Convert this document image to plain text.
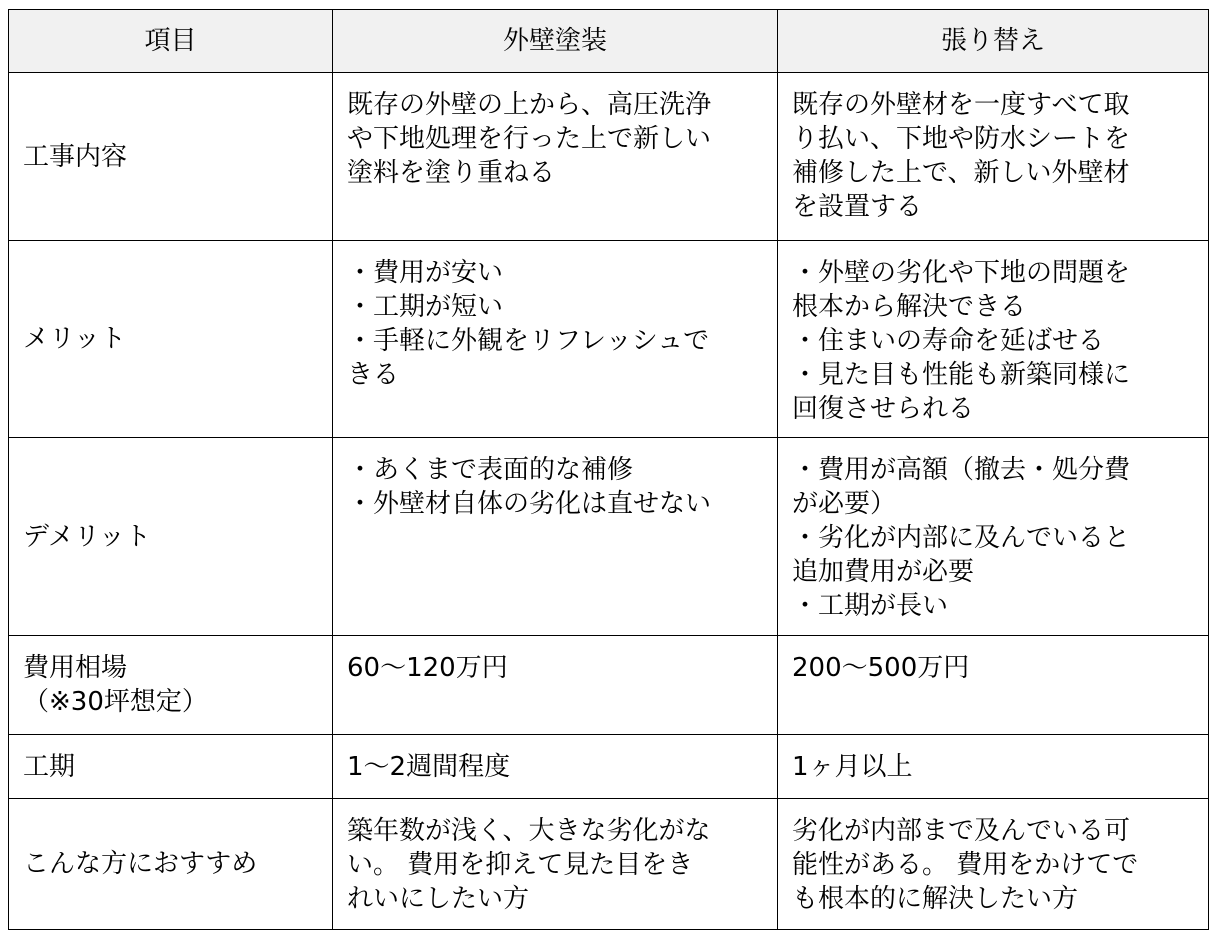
項目	外壁塗装	張り替え

工事内容	既存の外壁の上から、高圧洗浄
や下地処理を行った上で新しい
塗料を塗り重ねる	既存の外壁材を一度すべて取
り払い、下地や防水シートを
補修した上で、新しい外壁材
を設置する

メリット	・費用が安い
・工期が短い
・手軽に外観をリフレッシュで
きる	・外壁の劣化や下地の問題を
根本から解決できる
・住まいの寿命を延ばせる
・見た目も性能も新築同様に
回復させられる

デメリット	・あくまで表面的な補修
・外壁材自体の劣化は直せない	・費用が高額（撤去・処分費
が必要）
・劣化が内部に及んでいると
追加費用が必要
・工期が長い

費用相場
（※30坪想定）	60〜120万円	200〜500万円

工期	1〜2週間程度	1ヶ月以上

こんな方におすすめ	築年数が浅く、大きな劣化がな
い。 費用を抑えて見た目をき
れいにしたい方	劣化が内部まで及んでいる可
能性がある。 費用をかけてで
も根本的に解決したい方
